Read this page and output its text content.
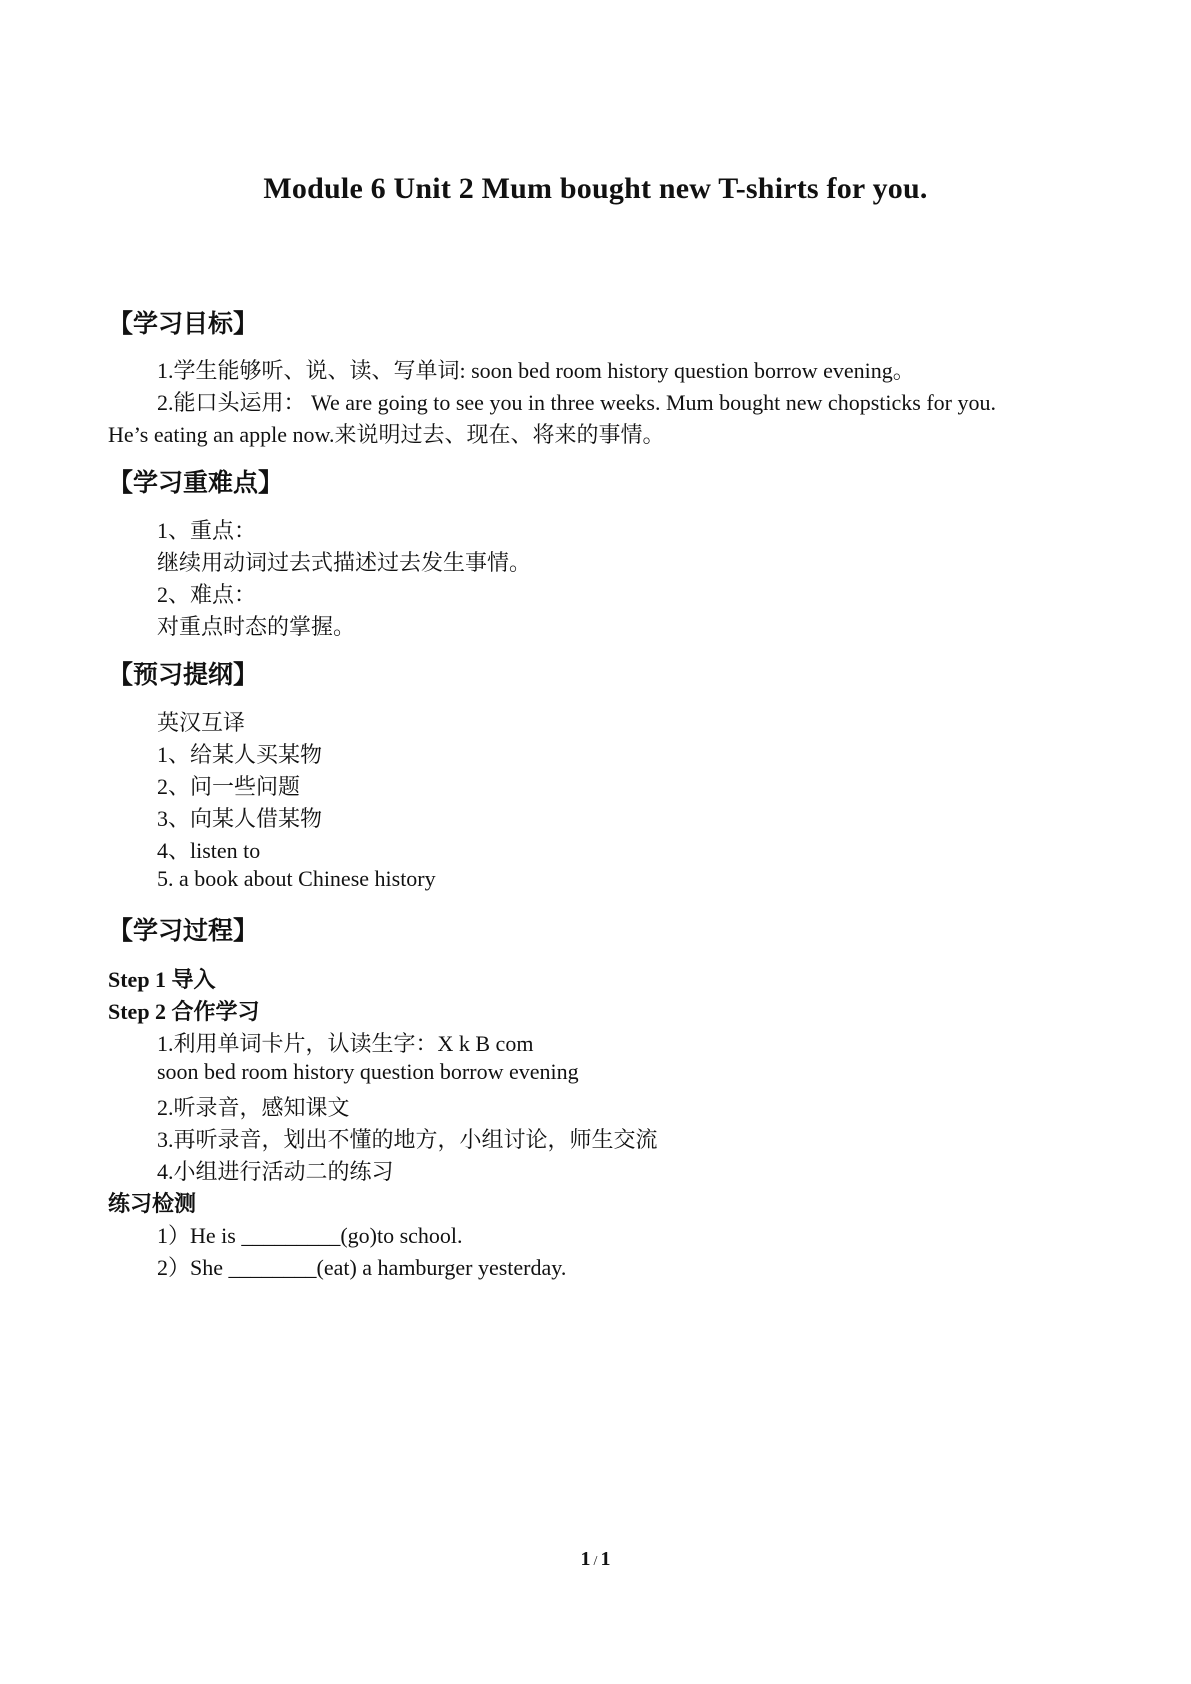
Module 6 Unit 2 Mum bought new T-shirts for you.
【学习目标】
1.学生能够听、说、读、写单词: soon bed room history question borrow evening。
2.能口头运用： We are going to see you in three weeks. Mum bought new chopsticks for you.
He’s eating an apple now.来说明过去、现在、将来的事情。
【学习重难点】
1、重点：
继续用动词过去式描述过去发生事情。
2、难点：
对重点时态的掌握。
【预习提纲】
英汉互译
1、给某人买某物
2、问一些问题
3、向某人借某物
4、listen to
5. a book about Chinese history
【学习过程】
Step 1 导入
Step 2 合作学习
1.利用单词卡片，认读生字：X k B com
soon bed room history question borrow evening
2.听录音，感知课文
3.再听录音，划出不懂的地方，小组讨论，师生交流
4.小组进行活动二的练习
练习检测
1）He is _________(go)to school.
2）She ________(eat) a hamburger yesterday.
1 / 1
